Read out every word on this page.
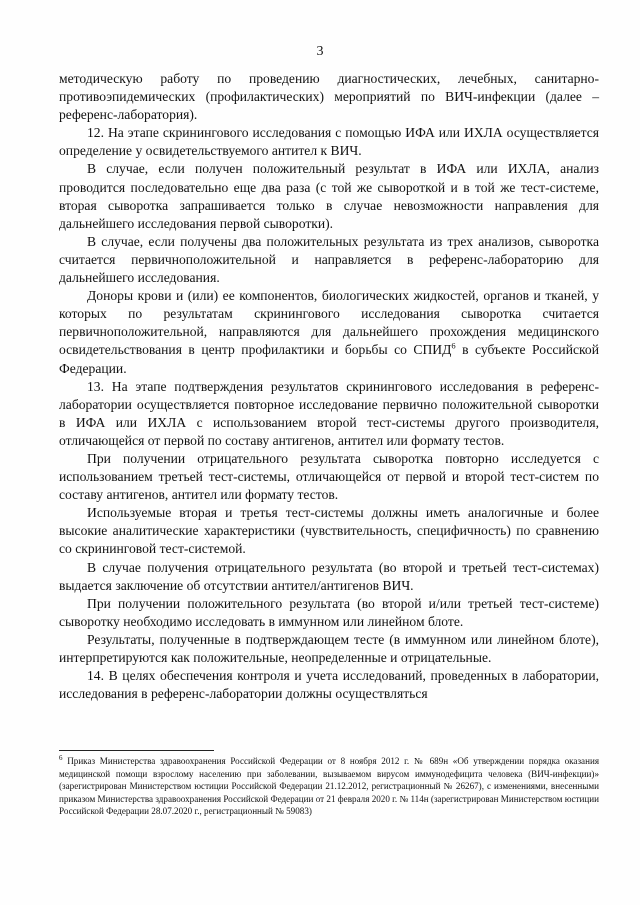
3

методическую работу по проведению диагностических, лечебных, санитарно-противоэпидемических (профилактических) мероприятий по ВИЧ-инфекции (далее – референс-лаборатория).

12. На этапе скринингового исследования с помощью ИФА или ИХЛА осуществляется определение у освидетельствуемого антител к ВИЧ.

В случае, если получен положительный результат в ИФА или ИХЛА, анализ проводится последовательно еще два раза (с той же сывороткой и в той же тест-системе, вторая сыворотка запрашивается только в случае невозможности направления для дальнейшего исследования первой сыворотки).

В случае, если получены два положительных результата из трех анализов, сыворотка считается первичноположительной и направляется в референс-лабораторию для дальнейшего исследования.

Доноры крови и (или) ее компонентов, биологических жидкостей, органов и тканей, у которых по результатам скринингового исследования сыворотка считается первичноположительной, направляются для дальнейшего прохождения медицинского освидетельствования в центр профилактики и борьбы со СПИД$^6$ в субъекте Российской Федерации.

13. На этапе подтверждения результатов скринингового исследования в референс-лаборатории осуществляется повторное исследование первично положительной сыворотки в ИФА или ИХЛА с использованием второй тест-системы другого производителя, отличающейся от первой по составу антигенов, антител или формату тестов.

При получении отрицательного результата сыворотка повторно исследуется с использованием третьей тест-системы, отличающейся от первой и второй тест-систем по составу антигенов, антител или формату тестов.

Используемые вторая и третья тест-системы должны иметь аналогичные и более высокие аналитические характеристики (чувствительность, специфичность) по сравнению со скрининговой тест-системой.

В случае получения отрицательного результата (во второй и третьей тест-системах) выдается заключение об отсутствии антител/антигенов ВИЧ.

При получении положительного результата (во второй и/или третьей тест-системе) сыворотку необходимо исследовать в иммунном или линейном блоте.

Результаты, полученные в подтверждающем тесте (в иммунном или линейном блоте), интерпретируются как положительные, неопределенные и отрицательные.

14. В целях обеспечения контроля и учета исследований, проведенных в лаборатории, исследования в референс-лаборатории должны осуществляться

$^6$ Приказ Министерства здравоохранения Российской Федерации от 8 ноября 2012 г. № 689н «Об утверждении порядка оказания медицинской помощи взрослому населению при заболевании, вызываемом вирусом иммунодефицита человека (ВИЧ-инфекции)» (зарегистрирован Министерством юстиции Российской Федерации 21.12.2012, регистрационный № 26267), с изменениями, внесенными приказом Министерства здравоохранения Российской Федерации от 21 февраля 2020 г. № 114н (зарегистрирован Министерством юстиции Российской Федерации 28.07.2020 г., регистрационный № 59083)
